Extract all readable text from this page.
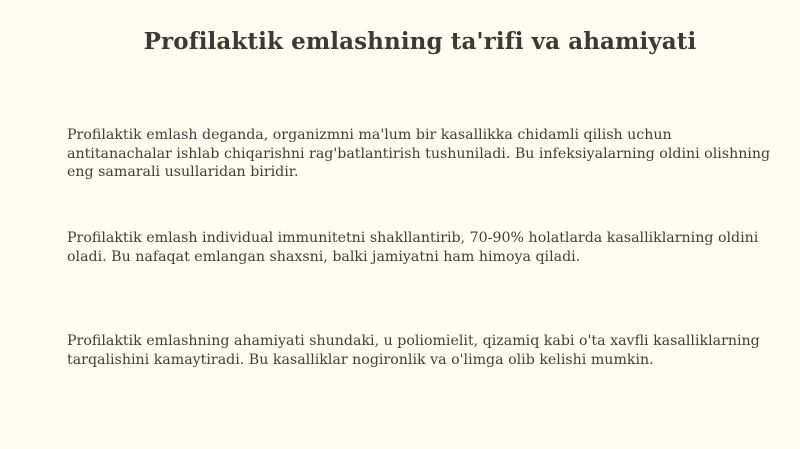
Profilaktik emlashning ta'rifi va ahamiyati

Profilaktik emlash deganda, organizmni ma'lum bir kasallikka chidamli qilish uchun antitanachalar ishlab chiqarishni rag'batlantirish tushuniladi. Bu infeksiyalarning oldini olishning eng samarali usullaridan biridir.

Profilaktik emlash individual immunitetni shakllantirib, 70-90% holatlarda kasalliklarning oldini oladi. Bu nafaqat emlangan shaxsni, balki jamiyatni ham himoya qiladi.

Profilaktik emlashning ahamiyati shundaki, u poliomielit, qizamiq kabi o'ta xavfli kasalliklarning tarqalishini kamaytiradi. Bu kasalliklar nogironlik va o'limga olib kelishi mumkin.
